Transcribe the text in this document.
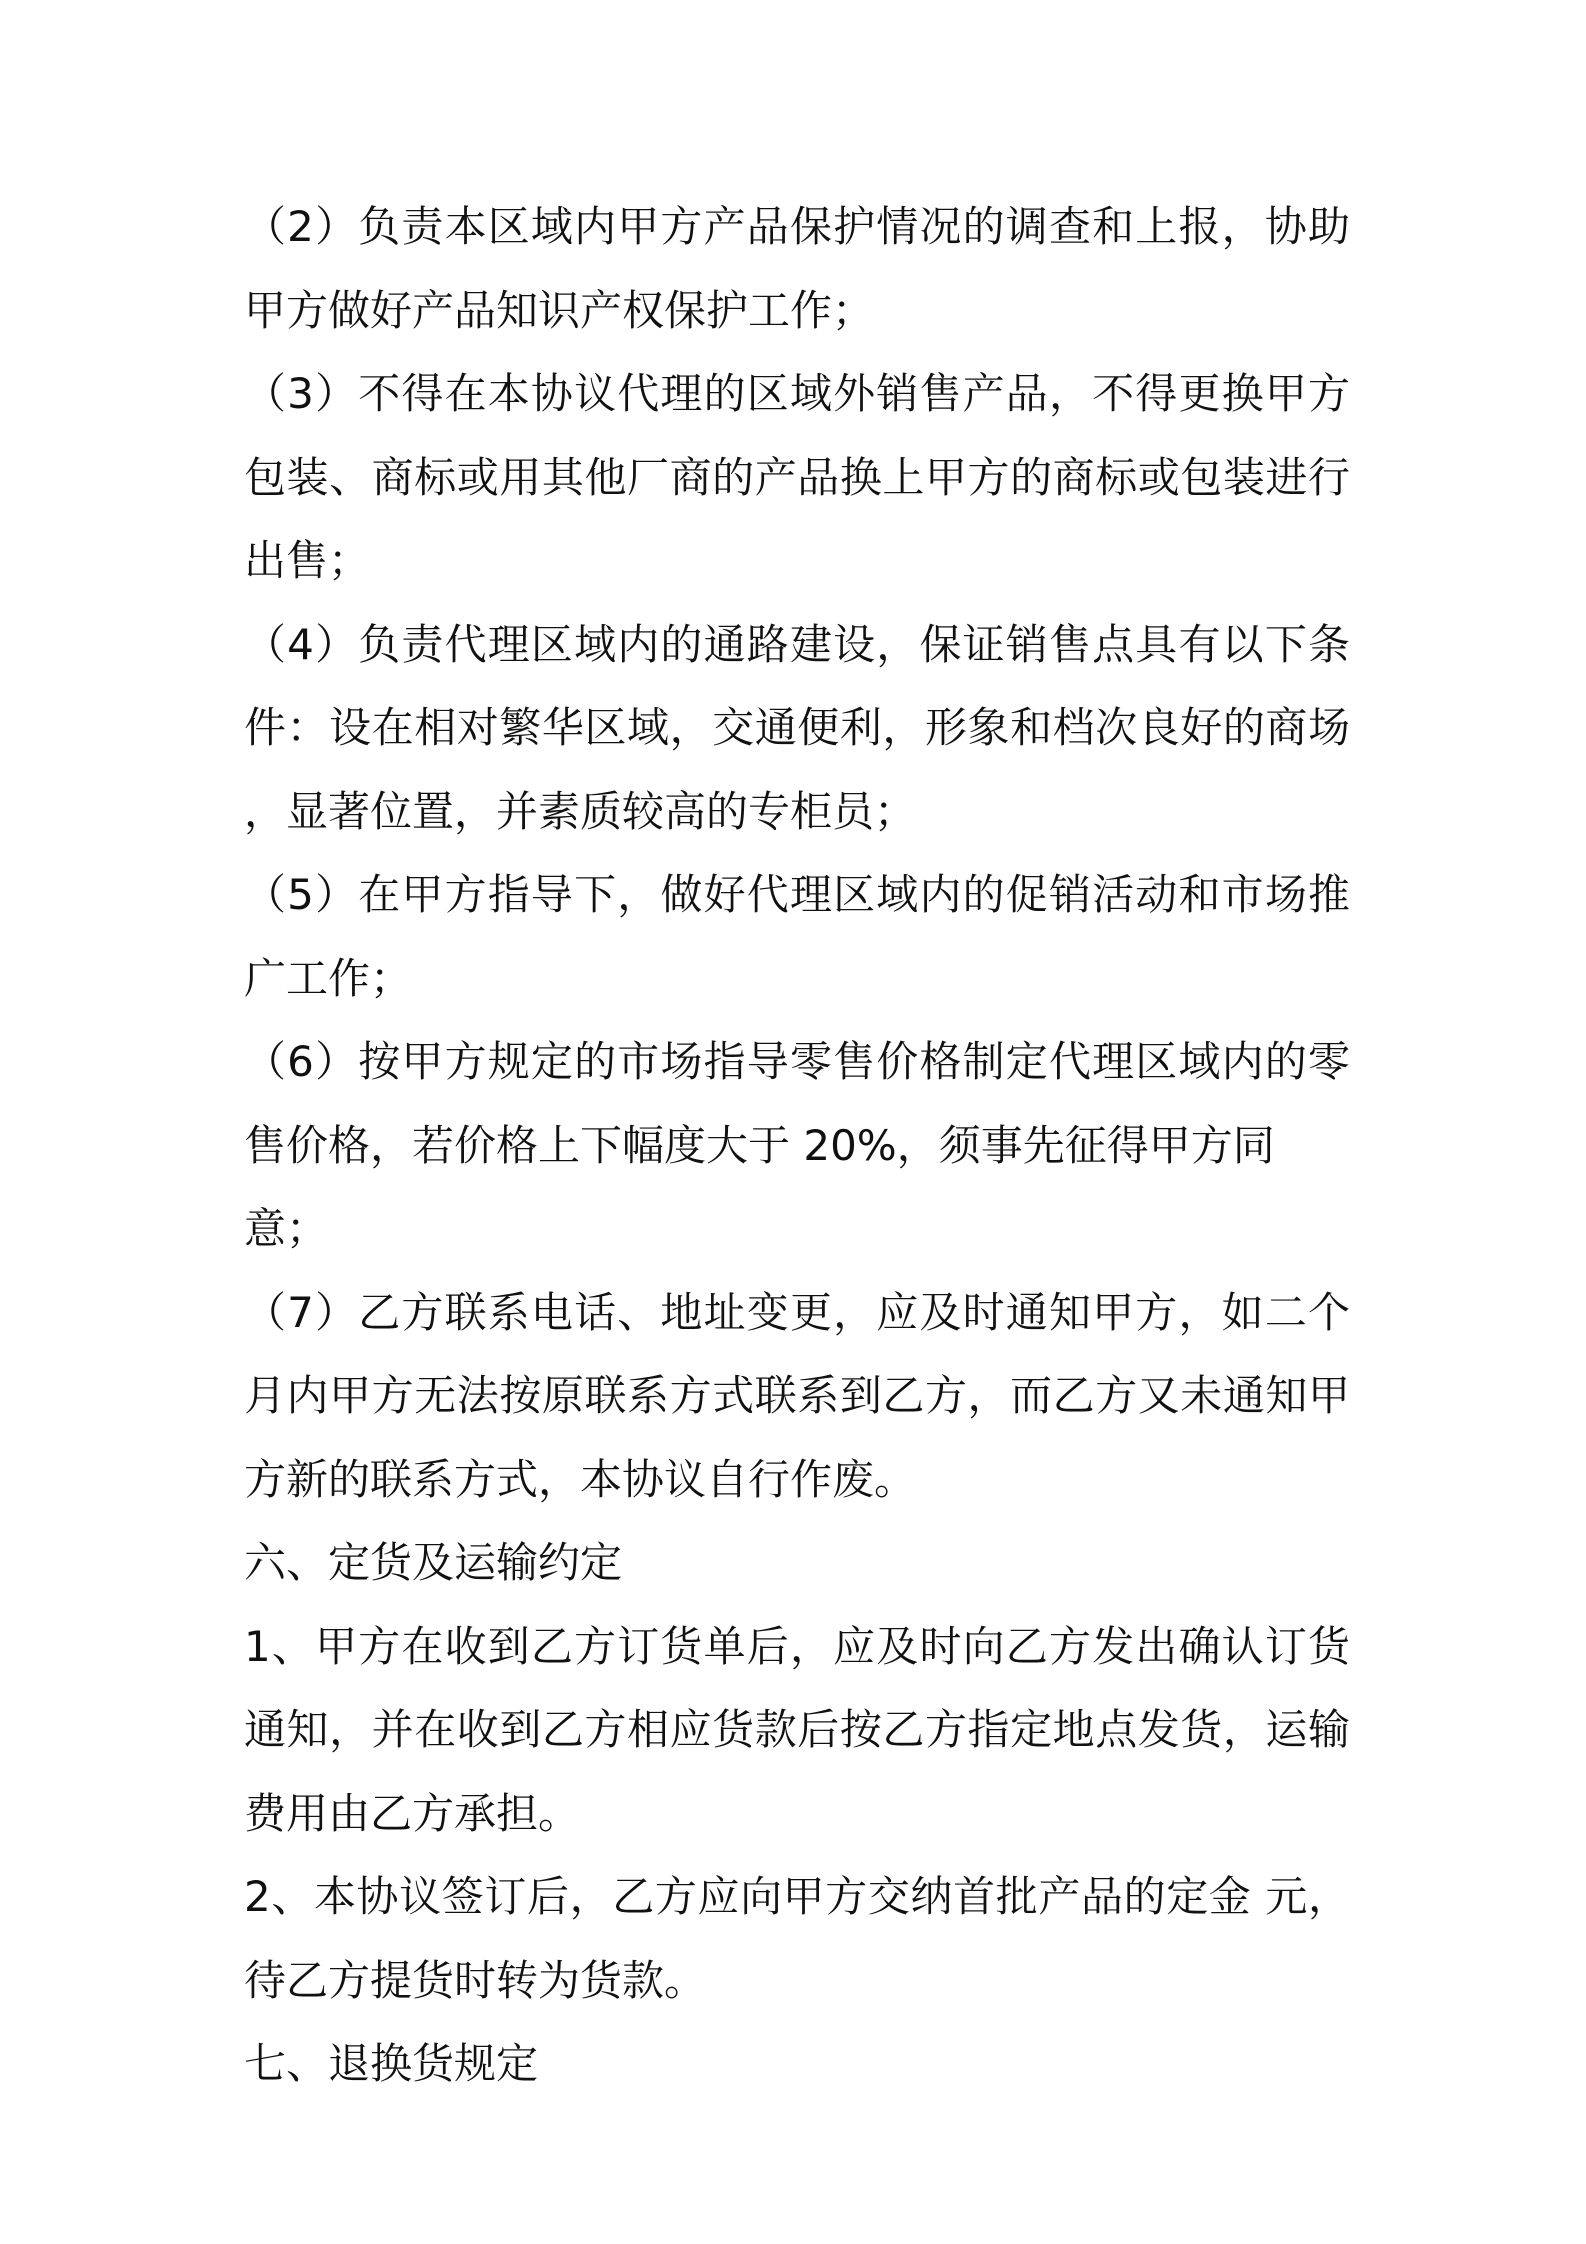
（2）负责本区域内甲方产品保护情况的调查和上报，协助
甲方做好产品知识产权保护工作；
（3）不得在本协议代理的区域外销售产品，不得更换甲方
包装、商标或用其他厂商的产品换上甲方的商标或包装进行
出售；
（4）负责代理区域内的通路建设，保证销售点具有以下条
件：设在相对繁华区域，交通便利，形象和档次良好的商场
，显著位置，并素质较高的专柜员；
（5）在甲方指导下，做好代理区域内的促销活动和市场推
广工作；
（6）按甲方规定的市场指导零售价格制定代理区域内的零
售价格，若价格上下幅度大于 20%，须事先征得甲方同意；
（7）乙方联系电话、地址变更，应及时通知甲方，如二个
月内甲方无法按原联系方式联系到乙方，而乙方又未通知甲
方新的联系方式，本协议自行作废。
六、定货及运输约定
1、甲方在收到乙方订货单后，应及时向乙方发出确认订货
通知，并在收到乙方相应货款后按乙方指定地点发货，运输
费用由乙方承担。
2、本协议签订后，乙方应向甲方交纳首批产品的定金 元，
待乙方提货时转为货款。
七、退换货规定
